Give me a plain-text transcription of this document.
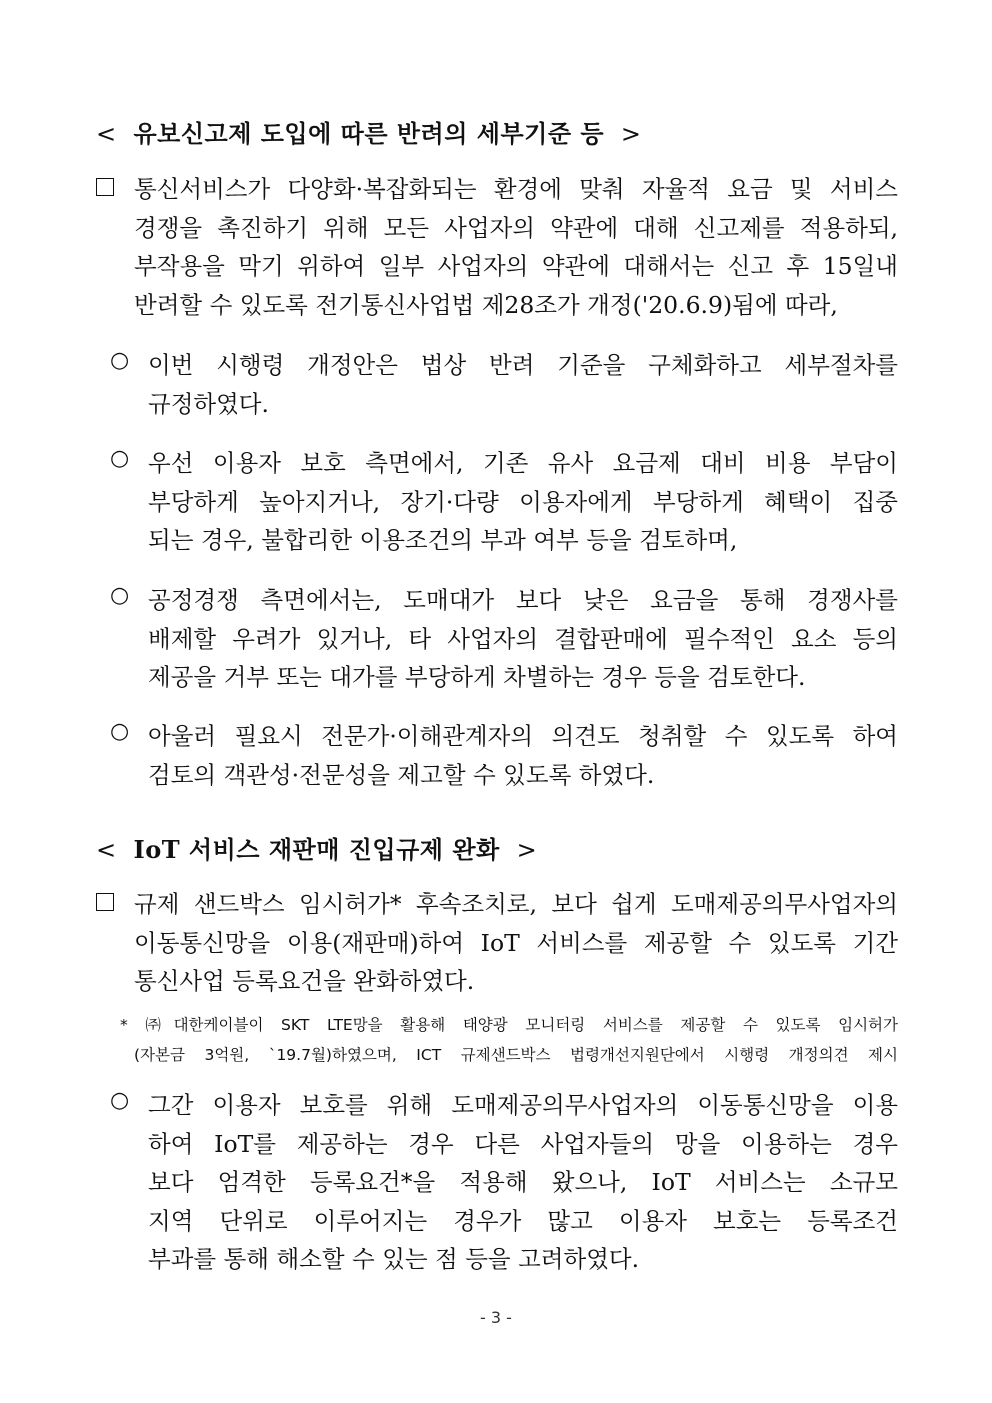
< 유보신고제 도입에 따른 반려의 세부기준 등 >
통신서비스가 다양화·복잡화되는 환경에 맞춰 자율적 요금 및 서비스
경쟁을 촉진하기 위해 모든 사업자의 약관에 대해 신고제를 적용하되,
부작용을 막기 위하여 일부 사업자의 약관에 대해서는 신고 후 15일내
반려할 수 있도록 전기통신사업법 제28조가 개정('20.6.9)됨에 따라,
○ 이번 시행령 개정안은 법상 반려 기준을 구체화하고 세부절차를
규정하였다.
○ 우선 이용자 보호 측면에서, 기존 유사 요금제 대비 비용 부담이
부당하게 높아지거나, 장기·다량 이용자에게 부당하게 혜택이 집중
되는 경우, 불합리한 이용조건의 부과 여부 등을 검토하며,
○ 공정경쟁 측면에서는, 도매대가 보다 낮은 요금을 통해 경쟁사를
배제할 우려가 있거나, 타 사업자의 결합판매에 필수적인 요소 등의
제공을 거부 또는 대가를 부당하게 차별하는 경우 등을 검토한다.
○ 아울러 필요시 전문가·이해관계자의 의견도 청취할 수 있도록 하여
검토의 객관성·전문성을 제고할 수 있도록 하였다.
< IoT 서비스 재판매 진입규제 완화 >
규제 샌드박스 임시허가* 후속조치로, 보다 쉽게 도매제공의무사업자의
이동통신망을 이용(재판매)하여 IoT 서비스를 제공할 수 있도록 기간
통신사업 등록요건을 완화하였다.
* ㈜대한케이블이 SKT LTE망을 활용해 태양광 모니터링 서비스를 제공할 수 있도록 임시허가
(자본금 3억원, `19.7월)하였으며, ICT 규제샌드박스 법령개선지원단에서 시행령 개정의견 제시
○ 그간 이용자 보호를 위해 도매제공의무사업자의 이동통신망을 이용
하여 IoT를 제공하는 경우 다른 사업자들의 망을 이용하는 경우
보다 엄격한 등록요건*을 적용해 왔으나, IoT 서비스는 소규모
지역 단위로 이루어지는 경우가 많고 이용자 보호는 등록조건
부과를 통해 해소할 수 있는 점 등을 고려하였다.
- 3 -
